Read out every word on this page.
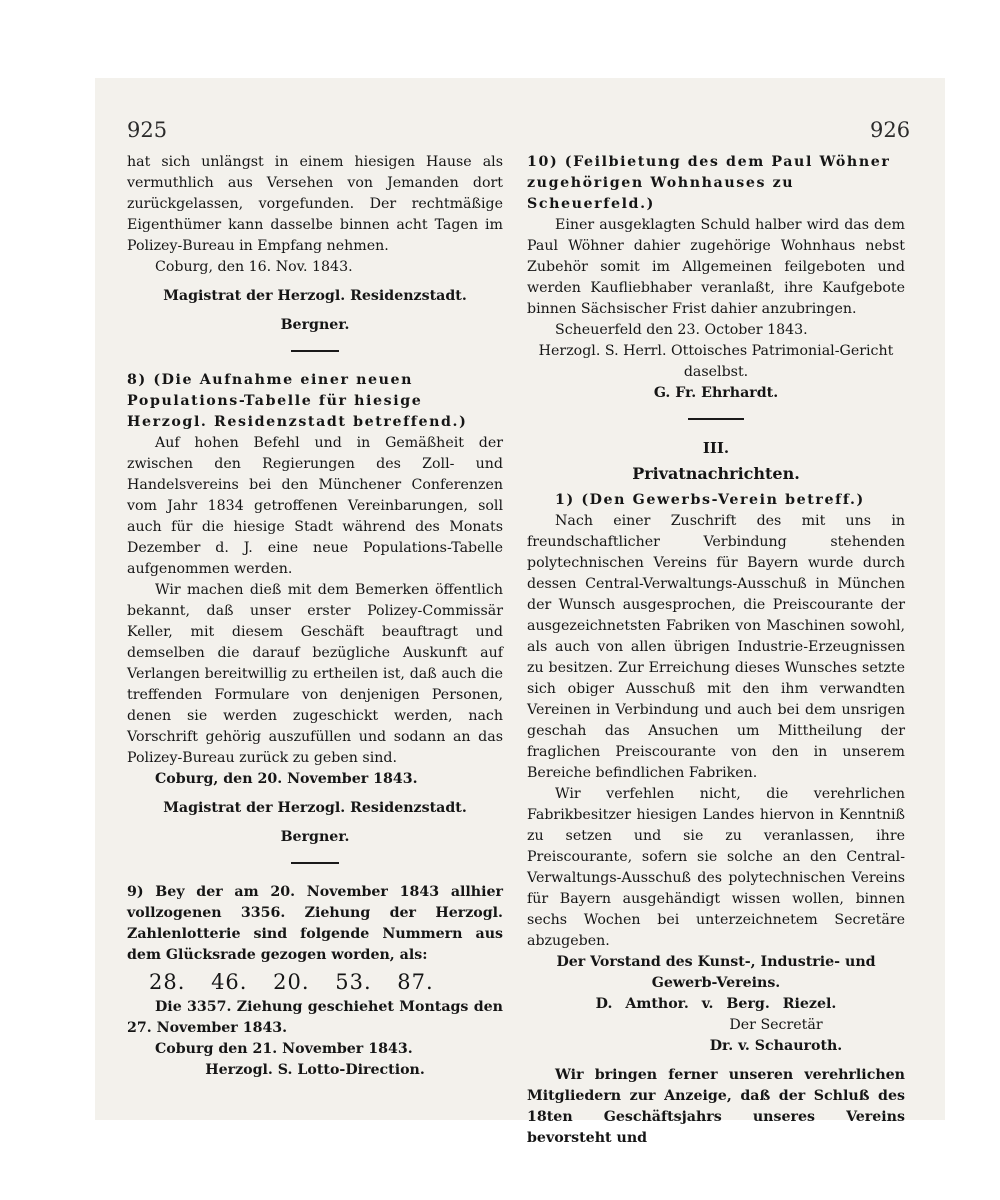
925	926

hat sich unlängst in einem hiesigen Hause als vermuthlich aus Versehen von Jemanden dort zurückgelassen, vorgefunden. Der rechtmäßige Eigenthümer kann dasselbe binnen acht Tagen im Polizey-Bureau in Empfang nehmen.

Coburg, den 16. Nov. 1843.

Magistrat der Herzogl. Residenzstadt.

Bergner.

8) (Die Aufnahme einer neuen Populations-Tabelle für hiesige Herzogl. Residenzstadt betreffend.)

Auf hohen Befehl und in Gemäßheit der zwischen den Regierungen des Zoll- und Handelsvereins bei den Münchener Conferenzen vom Jahr 1834 getroffenen Vereinbarungen, soll auch für die hiesige Stadt während des Monats Dezember d. J. eine neue Populations-Tabelle aufgenommen werden.

Wir machen dieß mit dem Bemerken öffentlich bekannt, daß unser erster Polizey-Commissär Keller, mit diesem Geschäft beauftragt und demselben die darauf bezügliche Auskunft auf Verlangen bereitwillig zu ertheilen ist, daß auch die treffenden Formulare von denjenigen Personen, denen sie werden zugeschickt werden, nach Vorschrift gehörig auszufüllen und sodann an das Polizey-Bureau zurück zu geben sind.

Coburg, den 20. November 1843.

Magistrat der Herzogl. Residenzstadt.

Bergner.

9) Bey der am 20. November 1843 allhier vollzogenen 3356. Ziehung der Herzogl. Zahlenlotterie sind folgende Nummern aus dem Glücksrade gezogen worden, als:

28. 46. 20. 53. 87.

Die 3357. Ziehung geschiehet Montags den 27. November 1843.

Coburg den 21. November 1843.

Herzogl. S. Lotto-Direction.

10) (Feilbietung des dem Paul Wöhner zugehörigen Wohnhauses zu Scheuerfeld.)

Einer ausgeklagten Schuld halber wird das dem Paul Wöhner dahier zugehörige Wohnhaus nebst Zubehör somit im Allgemeinen feilgeboten und werden Kaufliebhaber veranlaßt, ihre Kaufgebote binnen Sächsischer Frist dahier anzubringen.

Scheuerfeld den 23. October 1843.

Herzogl. S. Herrl. Ottoisches Patrimonial-Gericht daselbst.

G. Fr. Ehrhardt.

III.

Privatnachrichten.

1) (Den Gewerbs-Verein betreff.)

Nach einer Zuschrift des mit uns in freundschaftlicher Verbindung stehenden polytechnischen Vereins für Bayern wurde durch dessen Central-Verwaltungs-Ausschuß in München der Wunsch ausgesprochen, die Preiscourante der ausgezeichnetsten Fabriken von Maschinen sowohl, als auch von allen übrigen Industrie-Erzeugnissen zu besitzen. Zur Erreichung dieses Wunsches setzte sich obiger Ausschuß mit den ihm verwandten Vereinen in Verbindung und auch bei dem unsrigen geschah das Ansuchen um Mittheilung der fraglichen Preiscourante von den in unserem Bereiche befindlichen Fabriken.

Wir verfehlen nicht, die verehrlichen Fabrikbesitzer hiesigen Landes hiervon in Kenntniß zu setzen und sie zu veranlassen, ihre Preiscourante, sofern sie solche an den Central-Verwaltungs-Ausschuß des polytechnischen Vereins für Bayern ausgehändigt wissen wollen, binnen sechs Wochen bei unterzeichnetem Secretäre abzugeben.

Der Vorstand des Kunst-, Industrie- und Gewerb-Vereins.

D. Amthor. v. Berg. Riezel.

Der Secretär

Dr. v. Schauroth.

Wir bringen ferner unseren verehrlichen Mitgliedern zur Anzeige, daß der Schluß des 18ten Geschäftsjahrs unseres Vereins bevorsteht und
